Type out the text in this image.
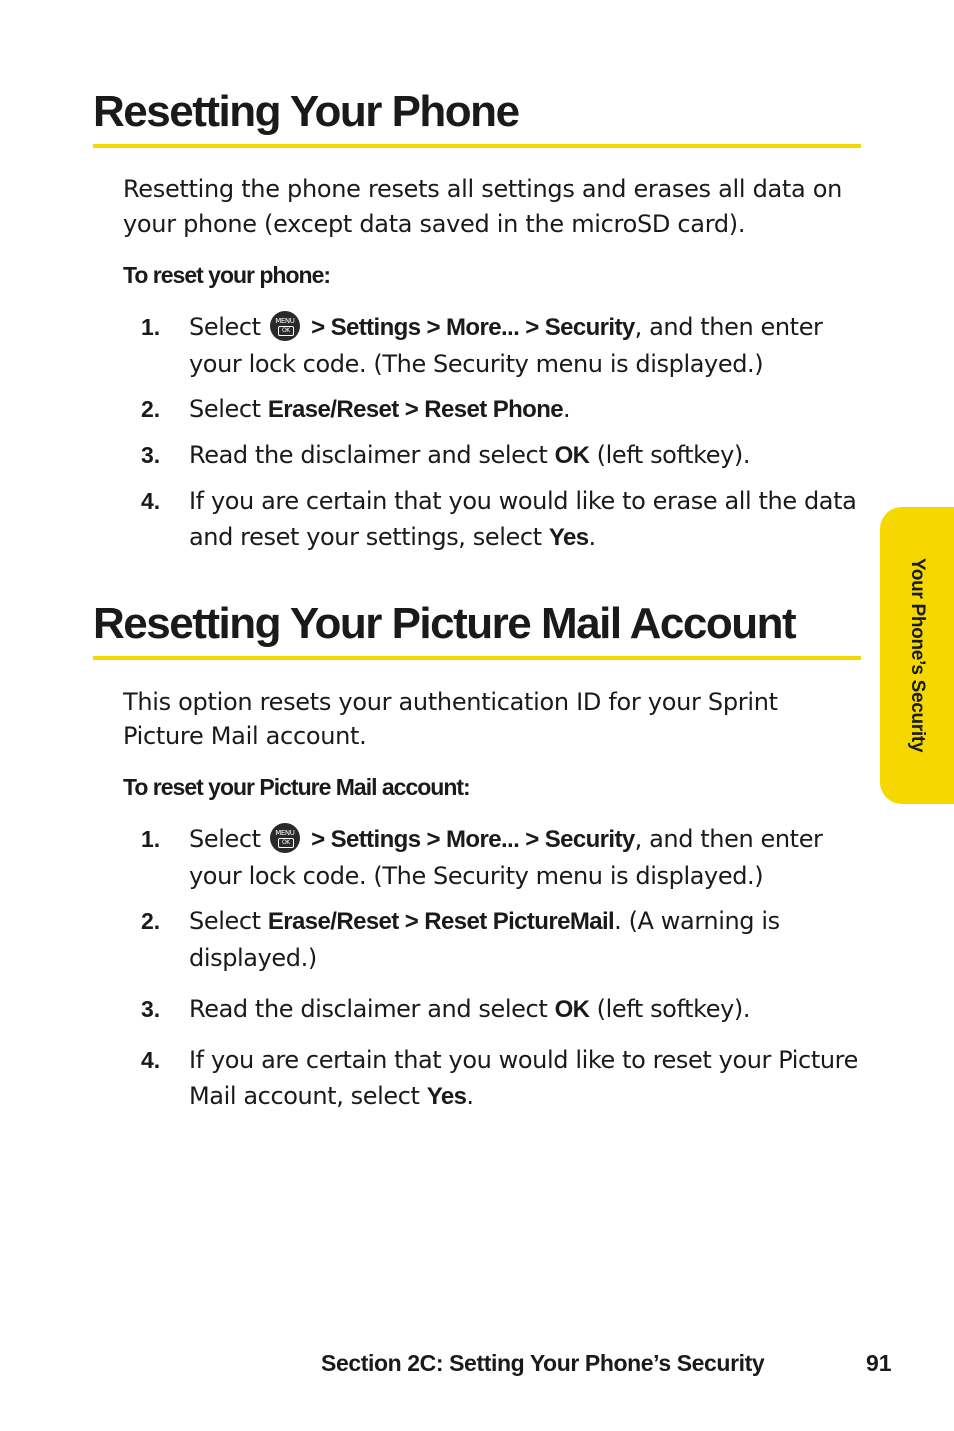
Resetting Your Phone

Resetting the phone resets all settings and erases all data on your phone (except data saved in the microSD card).

To reset your phone:

1.	Select	MENU
OK > Settings > More... > Security, and then enter your lock code. (The Security menu is displayed.)
2.	Select Erase/Reset > Reset Phone.
3.	Read the disclaimer and select OK (left softkey).
4.	If you are certain that you would like to erase all the data and reset your settings, select Yes.
Resetting Your Picture Mail Account

This option resets your authentication ID for your Sprint Picture Mail account.

To reset your Picture Mail account:

1.	Select	MENU
OK > Settings > More... > Security, and then enter your lock code. (The Security menu is displayed.)
2.	Select Erase/Reset > Reset PictureMail. (A warning is displayed.)
3.	Read the disclaimer and select OK (left softkey).
4.	If you are certain that you would like to reset your Picture Mail account, select Yes.
Your Phone’s Security
Section 2C: Setting Your Phone’s Security	91
